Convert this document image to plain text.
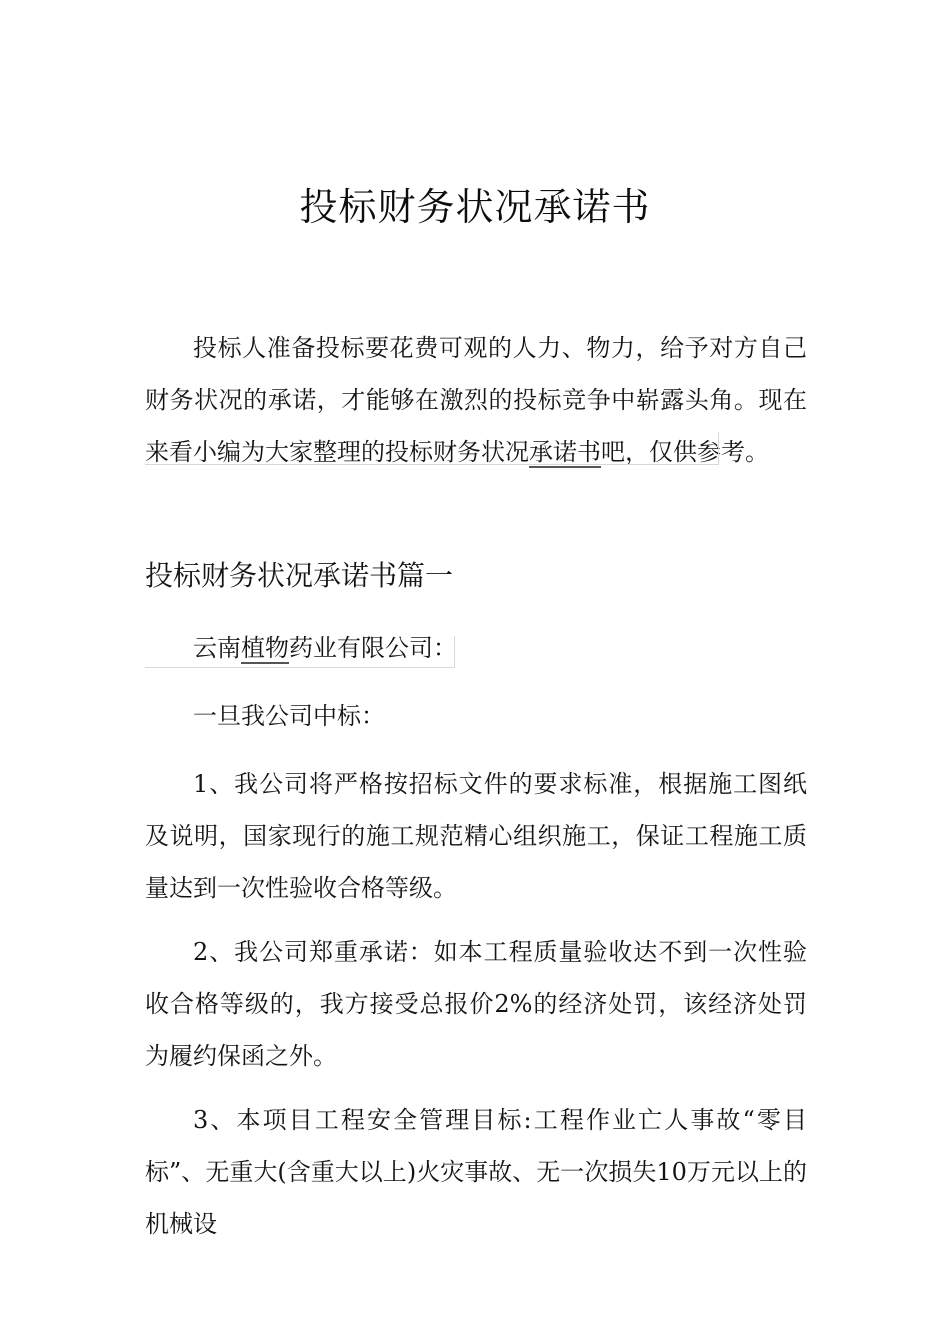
投标财务状况承诺书

投标人准备投标要花费可观的人力、物力，给予对方自己财务状况的承诺，才能够在激烈的投标竞争中崭露头角。现在来看小编为大家整理的投标财务状况承诺书吧，仅供参考。

投标财务状况承诺书篇一

云南植物药业有限公司：

一旦我公司中标：

1、我公司将严格按招标文件的要求标准，根据施工图纸及说明，国家现行的施工规范精心组织施工，保证工程施工质量达到一次性验收合格等级。

2、我公司郑重承诺：如本工程质量验收达不到一次性验收合格等级的，我方接受总报价2%的经济处罚，该经济处罚为履约保函之外。

3、本项目工程安全管理目标:工程作业亡人事故“零目标”、无重大(含重大以上)火灾事故、无一次损失10万元以上的机械设
